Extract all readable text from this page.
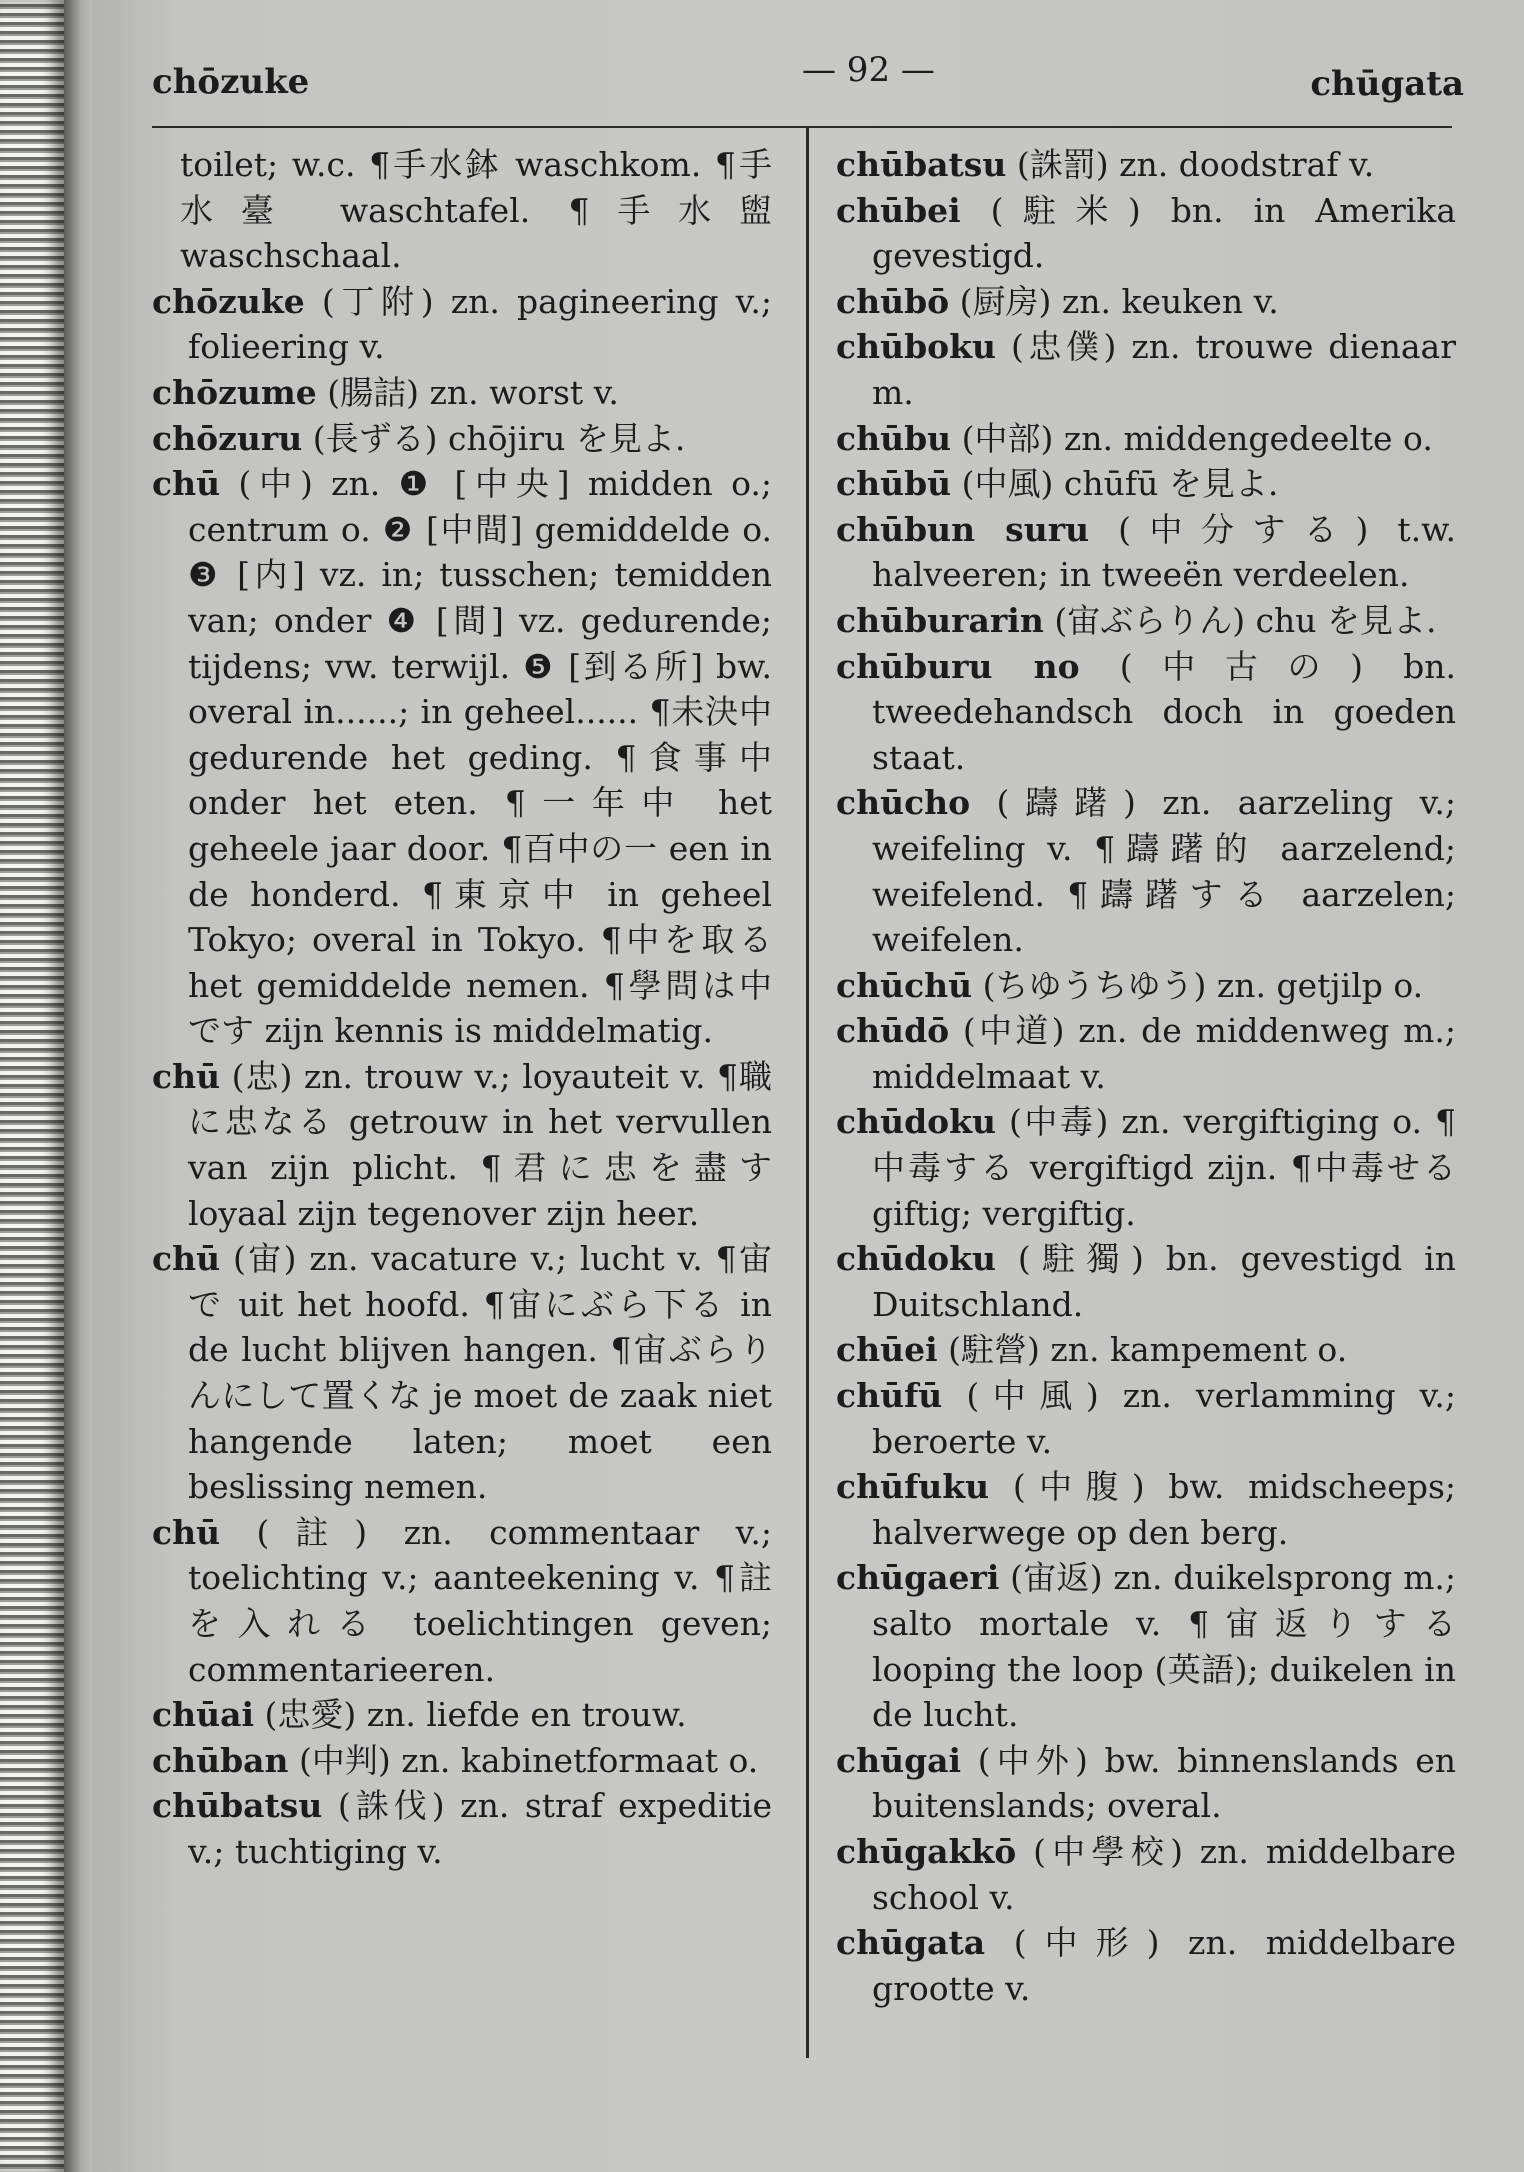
chōzuke	— 92 —	chūgata

toilet; w.c. ¶手水鉢 waschkom. ¶手水臺 waschtafel. ¶手水盥 waschschaal.

chōzuke (丁附) zn. pagineering v.; folieering v.

chōzume (腸詰) zn. worst v.

chōzuru (長ずる) chōjiru を見よ.

chū (中) zn. ❶ [中央] midden o.; centrum o. ❷ [中間] gemiddelde o. ❸ [内] vz. in; tusschen; temidden van; onder ❹ [間] vz. gedurende; tijdens; vw. terwijl. ❺ [到る所] bw. overal in......; in geheel...... ¶未決中 gedurende het geding. ¶食事中 onder het eten. ¶一年中 het geheele jaar door. ¶百中の一 een in de honderd. ¶東京中 in geheel Tokyo; overal in Tokyo. ¶中を取る het gemiddelde nemen. ¶學問は中です zijn kennis is middelmatig.

chū (忠) zn. trouw v.; loyauteit v. ¶職に忠なる getrouw in het vervullen van zijn plicht. ¶君に忠を盡す loyaal zijn tegenover zijn heer.

chū (宙) zn. vacature v.; lucht v. ¶宙で uit het hoofd. ¶宙にぶら下る in de lucht blijven hangen. ¶宙ぶらりんにして置くな je moet de zaak niet hangende laten; moet een beslissing nemen.

chū (註) zn. commentaar v.; toelichting v.; aanteekening v. ¶註を入れる toelichtingen geven; commentarieeren.

chūai (忠愛) zn. liefde en trouw.

chūban (中判) zn. kabinetformaat o.

chūbatsu (誅伐) zn. straf expeditie v.; tuchtiging v.

chūbatsu (誅罰) zn. doodstraf v.

chūbei (駐米) bn. in Amerika gevestigd.

chūbō (厨房) zn. keuken v.

chūboku (忠僕) zn. trouwe dienaar m.

chūbu (中部) zn. middengedeelte o.

chūbū (中風) chūfū を見よ.

chūbun suru (中分する) t.w. halveeren; in tweeën verdeelen.

chūburarin (宙ぶらりん) chu を見よ.

chūburu no (中古の) bn. tweedehandsch doch in goeden staat.

chūcho (躊躇) zn. aarzeling v.; weifeling v. ¶躊躇的 aarzelend; weifelend. ¶躊躇する aarzelen; weifelen.

chūchū (ちゆうちゆう) zn. getjilp o.

chūdō (中道) zn. de middenweg m.; middelmaat v.

chūdoku (中毒) zn. vergiftiging o. ¶中毒する vergiftigd zijn. ¶中毒せる giftig; vergiftig.

chūdoku (駐獨) bn. gevestigd in Duitschland.

chūei (駐營) zn. kampement o.

chūfū (中風) zn. verlamming v.; beroerte v.

chūfuku (中腹) bw. midscheeps; halverwege op den berg.

chūgaeri (宙返) zn. duikelsprong m.; salto mortale v. ¶宙返りする looping the loop (英語); duikelen in de lucht.

chūgai (中外) bw. binnenslands en buitenslands; overal.

chūgakkō (中學校) zn. middelbare school v.

chūgata (中形) zn. middelbare grootte v.
